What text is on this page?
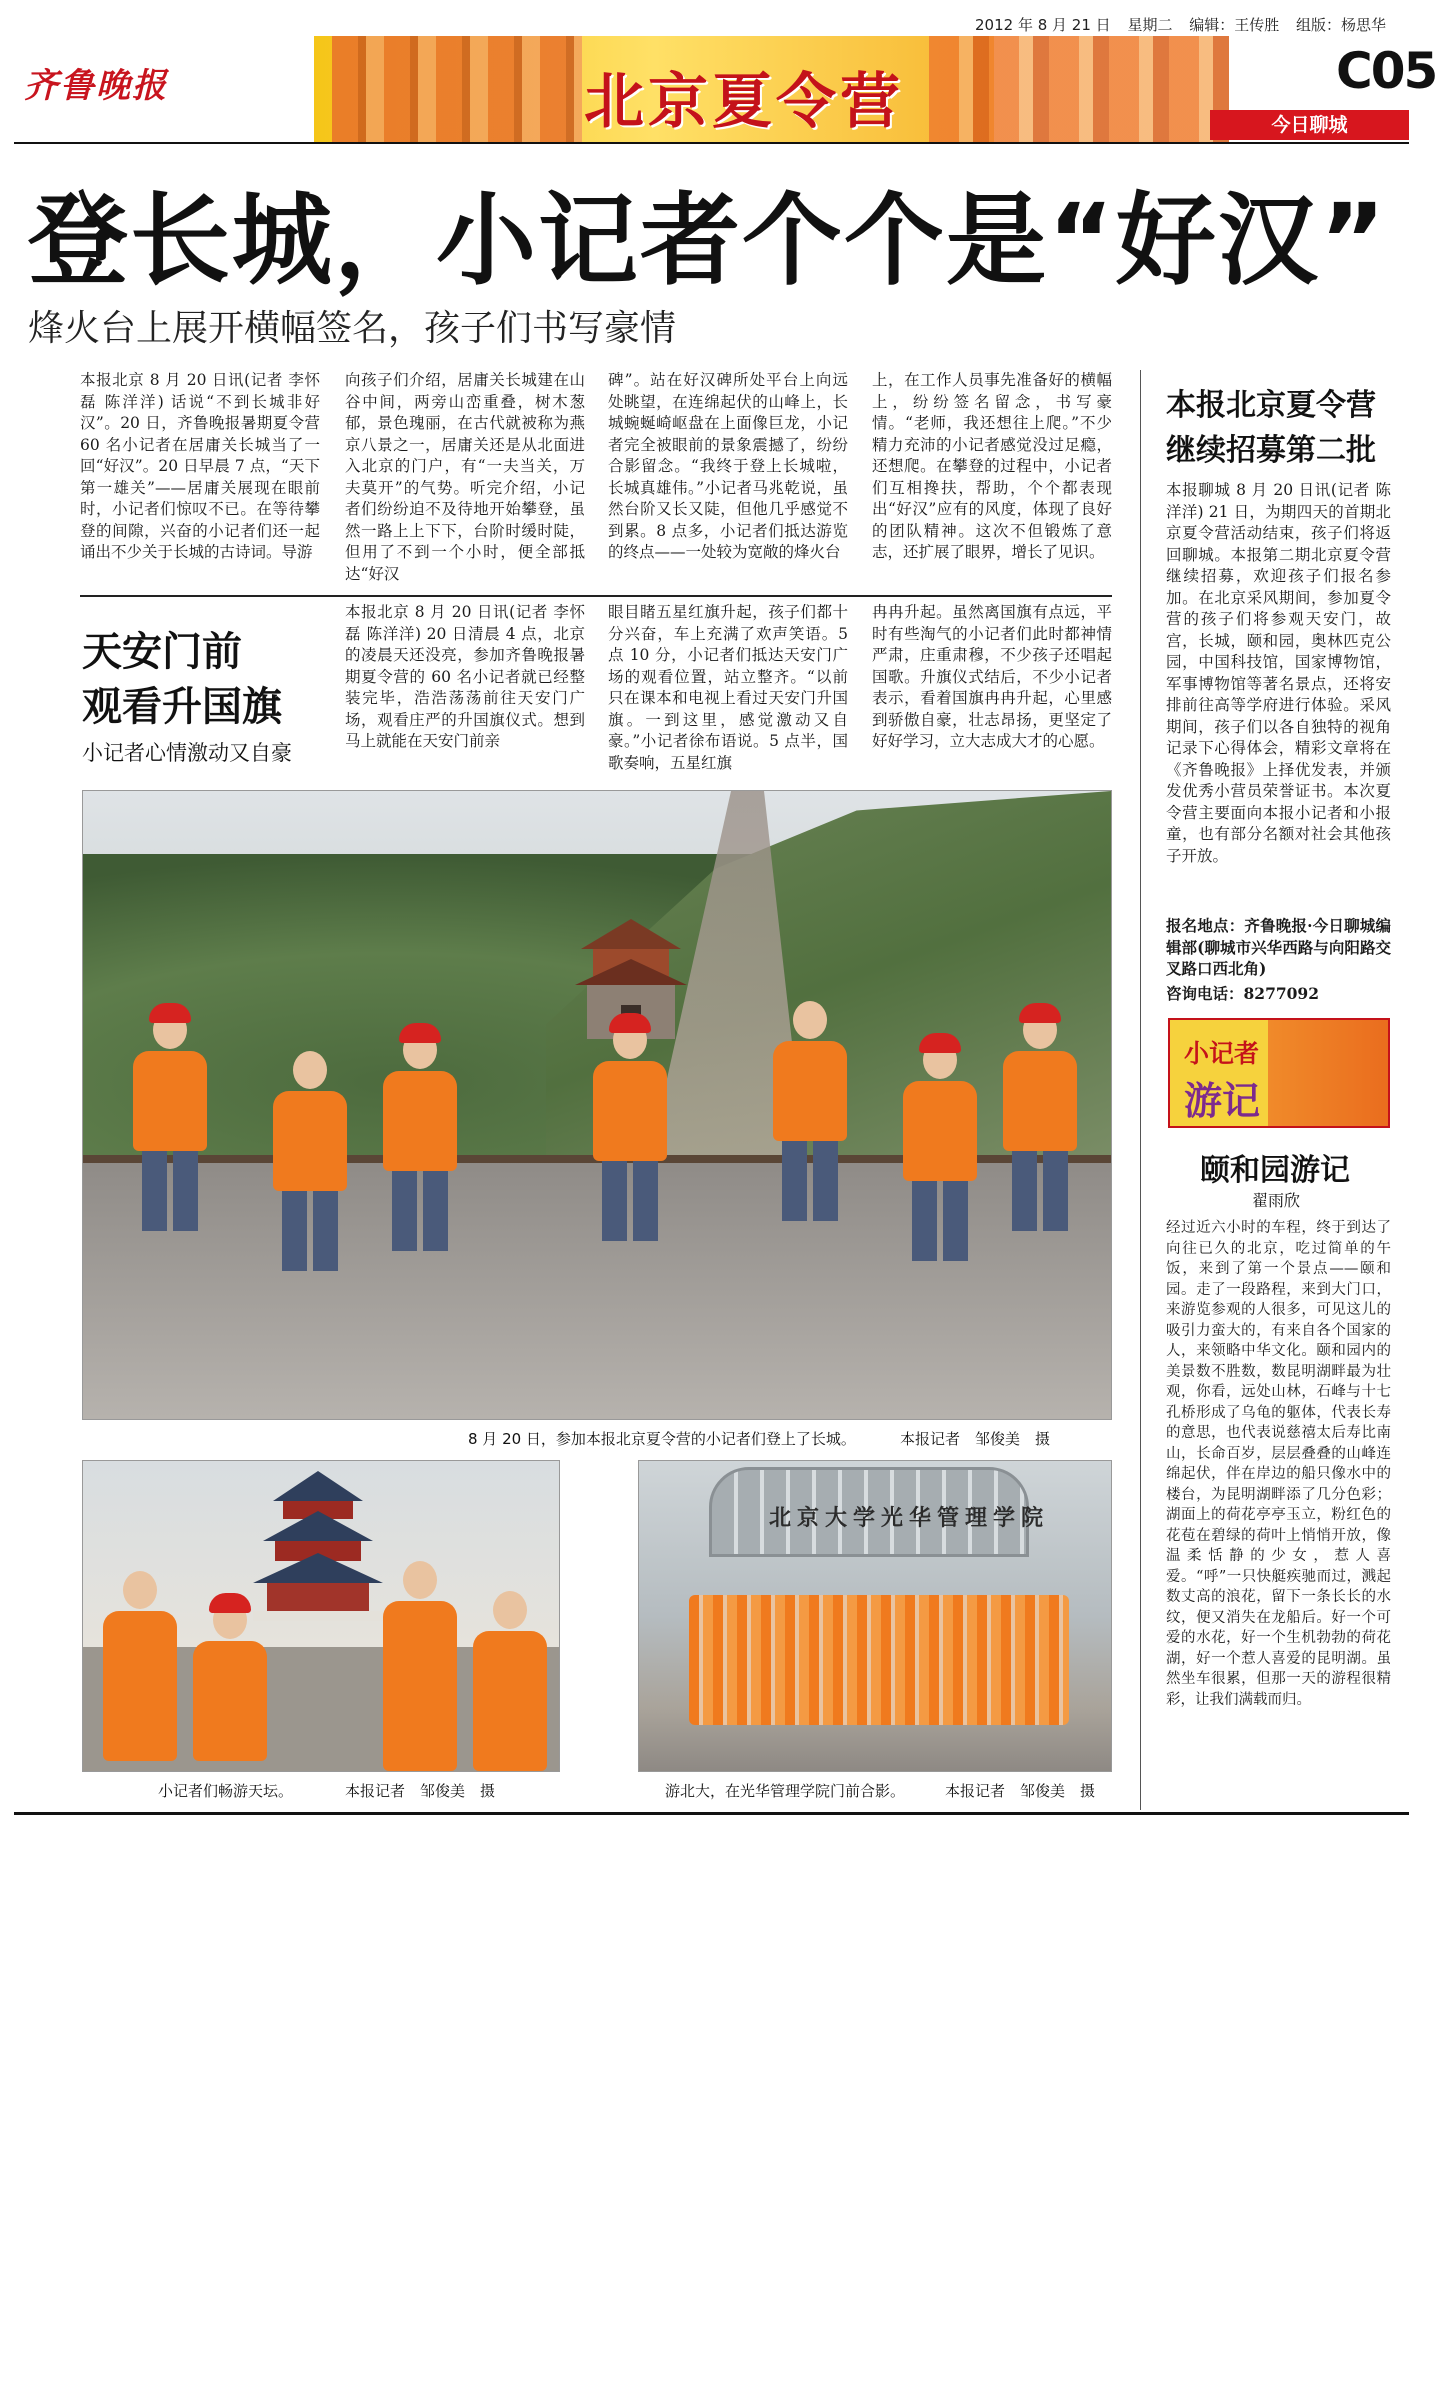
2012 年 8 月 21 日 星期二 编辑：王传胜 组版：杨思华
齐鲁晚报	北京夏令营	C05
今日聊城
登长城，小记者个个是“好汉”
烽火台上展开横幅签名，孩子们书写豪情
本报北京 8 月 20 日讯(记者 李怀磊 陈洋洋) 话说“不到长城非好汉”。20 日，齐鲁晚报暑期夏令营 60 名小记者在居庸关长城当了一回“好汉”。20 日早晨 7 点，“天下第一雄关”——居庸关展现在眼前时，小记者们惊叹不已。在等待攀登的间隙，兴奋的小记者们还一起诵出不少关于长城的古诗词。导游
向孩子们介绍，居庸关长城建在山谷中间，两旁山峦重叠，树木葱郁，景色瑰丽，在古代就被称为燕京八景之一，居庸关还是从北面进入北京的门户，有“一夫当关，万夫莫开”的气势。听完介绍，小记者们纷纷迫不及待地开始攀登，虽然一路上上下下，台阶时缓时陡，但用了不到一个小时，便全部抵达“好汉
碑”。站在好汉碑所处平台上向远处眺望，在连绵起伏的山峰上，长城蜿蜒崎岖盘在上面像巨龙，小记者完全被眼前的景象震撼了，纷纷合影留念。“我终于登上长城啦，长城真雄伟。”小记者马兆乾说，虽然台阶又长又陡，但他几乎感觉不到累。8 点多，小记者们抵达游览的终点——一处较为宽敞的烽火台
上，在工作人员事先准备好的横幅上，纷纷签名留念，书写豪情。“老师，我还想往上爬。”不少精力充沛的小记者感觉没过足瘾，还想爬。在攀登的过程中，小记者们互相搀扶，帮助，个个都表现出“好汉”应有的风度，体现了良好的团队精神。这次不但锻炼了意志，还扩展了眼界，增长了见识。
天安门前
观看升国旗
小记者心情激动又自豪
本报北京 8 月 20 日讯(记者 李怀磊 陈洋洋) 20 日清晨 4 点，北京的凌晨天还没亮，参加齐鲁晚报暑期夏令营的 60 名小记者就已经整装完毕，浩浩荡荡前往天安门广场，观看庄严的升国旗仪式。想到马上就能在天安门前亲
眼目睹五星红旗升起，孩子们都十分兴奋，车上充满了欢声笑语。5 点 10 分，小记者们抵达天安门广场的观看位置，站立整齐。“以前只在课本和电视上看过天安门升国旗。一到这里，感觉激动又自豪。”小记者徐布语说。5 点半，国歌奏响，五星红旗
冉冉升起。虽然离国旗有点远，平时有些淘气的小记者们此时都神情严肃，庄重肃穆，不少孩子还唱起国歌。升旗仪式结后，不少小记者表示，看着国旗冉冉升起，心里感到骄傲自豪，壮志昂扬，更坚定了好好学习，立大志成大才的心愿。
8 月 20 日，参加本报北京夏令营的小记者们登上了长城。	本报记者　邹俊美　摄
小记者们畅游天坛。	本报记者　邹俊美　摄
北京大学光华管理学院
游北大，在光华管理学院门前合影。	本报记者　邹俊美　摄
本报北京夏令营
继续招募第二批
本报聊城 8 月 20 日讯(记者 陈洋洋) 21 日，为期四天的首期北京夏令营活动结束，孩子们将返回聊城。本报第二期北京夏令营继续招募，欢迎孩子们报名参加。在北京采风期间，参加夏令营的孩子们将参观天安门，故宫，长城，颐和园，奥林匹克公园，中国科技馆，国家博物馆，军事博物馆等著名景点，还将安排前往高等学府进行体验。采风期间，孩子们以各自独特的视角记录下心得体会，精彩文章将在《齐鲁晚报》上择优发表，并颁发优秀小营员荣誉证书。本次夏令营主要面向本报小记者和小报童，也有部分名额对社会其他孩子开放。
报名地点：齐鲁晚报·今日聊城编辑部(聊城市兴华西路与向阳路交叉路口西北角)
咨询电话：8277092
小记者
游记
颐和园游记
翟雨欣
经过近六小时的车程，终于到达了向往已久的北京，吃过简单的午饭，来到了第一个景点——颐和园。走了一段路程，来到大门口，来游览参观的人很多，可见这儿的吸引力蛮大的，有来自各个国家的人，来领略中华文化。颐和园内的美景数不胜数，数昆明湖畔最为壮观，你看，远处山林，石峰与十七孔桥形成了乌龟的躯体，代表长寿的意思，也代表说慈禧太后寿比南山，长命百岁，层层叠叠的山峰连绵起伏，伴在岸边的船只像水中的楼台，为昆明湖畔添了几分色彩；湖面上的荷花亭亭玉立，粉红色的花苞在碧绿的荷叶上悄悄开放，像温柔恬静的少女，惹人喜爱。“呼”一只快艇疾驰而过，溅起数丈高的浪花，留下一条长长的水纹，便又消失在龙船后。好一个可爱的水花，好一个生机勃勃的荷花湖，好一个惹人喜爱的昆明湖。虽然坐车很累，但那一天的游程很精彩，让我们满载而归。
